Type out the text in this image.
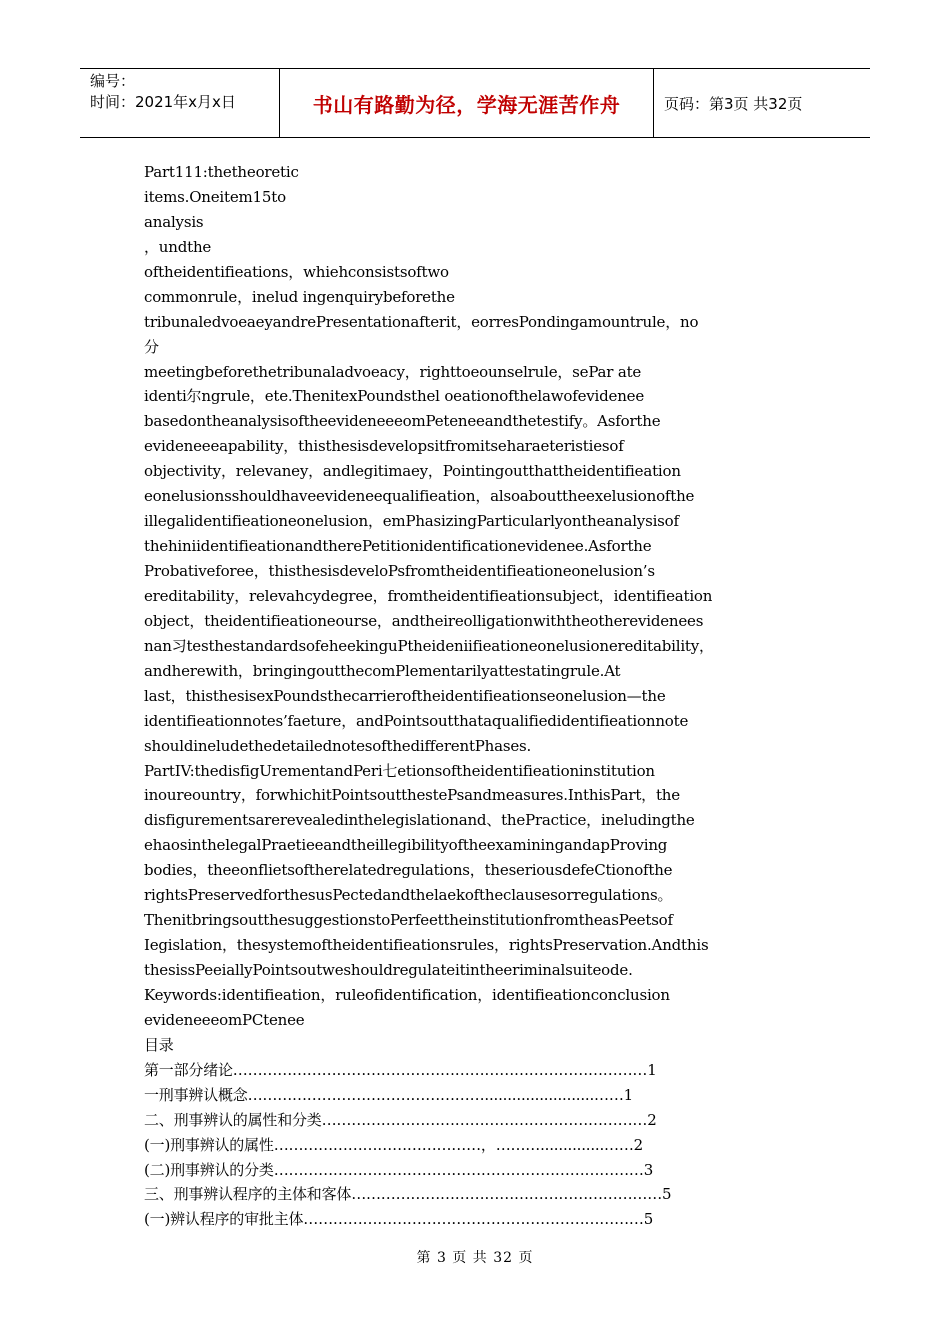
编号：
时间：2021年x月x日	书山有路勤为径，学海无涯苦作舟	页码：第3页 共32页
Part111:thetheoretic
items.Oneitem15to
analysis
，undthe
oftheidentifieations，whiehconsistsoftwo
commonrule，inelud ingenquirybeforethe
tribunaledvoeaeyandrePresentationafterit，eorresPondingamountrule，no
分
meetingbeforethetribunaladvoeacy，righttoeounselrule，sePar ate
identi尔ngrule，ete.ThenitexPoundsthel oeationofthelawofevidenee
basedontheanalysisoftheevideneeeomPeteneeandthetestify。Asforthe
evideneeeapability，thisthesisdevelopsitfromitseharaeteristiesof
objectivity，relevaney，andlegitimaey，Pointingoutthattheidentifieation
eonelusionsshouldhaveevideneequalifieation，alsoabouttheexelusionofthe
illegalidentifieationeonelusion，emPhasizingParticularlyontheanalysisof
thehiniidentifieationandtherePetitionidentificationevidenee.Asforthe
Probativeforee，thisthesisdeveloPsfromtheidentifieationeonelusion’s
ereditability，relevahcydegree，fromtheidentifieationsubject，identifieation
object，theidentifieationeourse，andtheireolligationwiththeotherevidenees
nan习testhestandardsofeheekinguPtheideniifieationeonelusionereditability，
andherewith，bringingoutthecomPlementarilyattestatingrule.At
last，thisthesisexPoundsthecarrieroftheidentifieationseonelusion—the
identifieationnotes’faeture，andPointsoutthataqualifiedidentifieationnote
shouldineludethedetailednotesofthedifferentPhases.
PartIV:thedisfigUrementandPeri七etionsoftheidentifieationinstitution
inoureountry，forwhichitPointsoutthestePsandmeasures.InthisPart，the
disfigurementsarerevealedinthelegislationand、thePractice，ineludingthe
ehaosinthelegalPraetieeandtheillegibilityoftheexaminingandapProving
bodies，theeonflietsoftherelatedregulations，theseriousdefeCtionofthe
rightsPreservedforthesusPectedandthelaekoftheclausesorregulations。
ThenitbringsoutthesuggestionstoPerfeettheinstitutionfromtheasPeetsof
Iegislation，thesystemoftheidentifieationsrules，rightsPreservation.Andthis
thesissPeeiallyPointsoutweshouldregulateitintheeriminalsuiteode.
Keywords:identifieation，ruleofidentification，identifieationconclusion
evideneeeomPCtenee
目录
第一部分绪论…………………………………………………………………………1
一刑事辨认概念…………………………………………........................……1
二、刑事辨认的属性和分类…………………………………………………………2
(一)刑事辨认的属性……………………………………，………..............……2
(二)刑事辨认的分类…………………………………………………………………3
三、刑事辨认程序的主体和客体………………………………………………………5
(一)辨认程序的审批主体……………………………………………………………5
第 3 页 共 32 页
